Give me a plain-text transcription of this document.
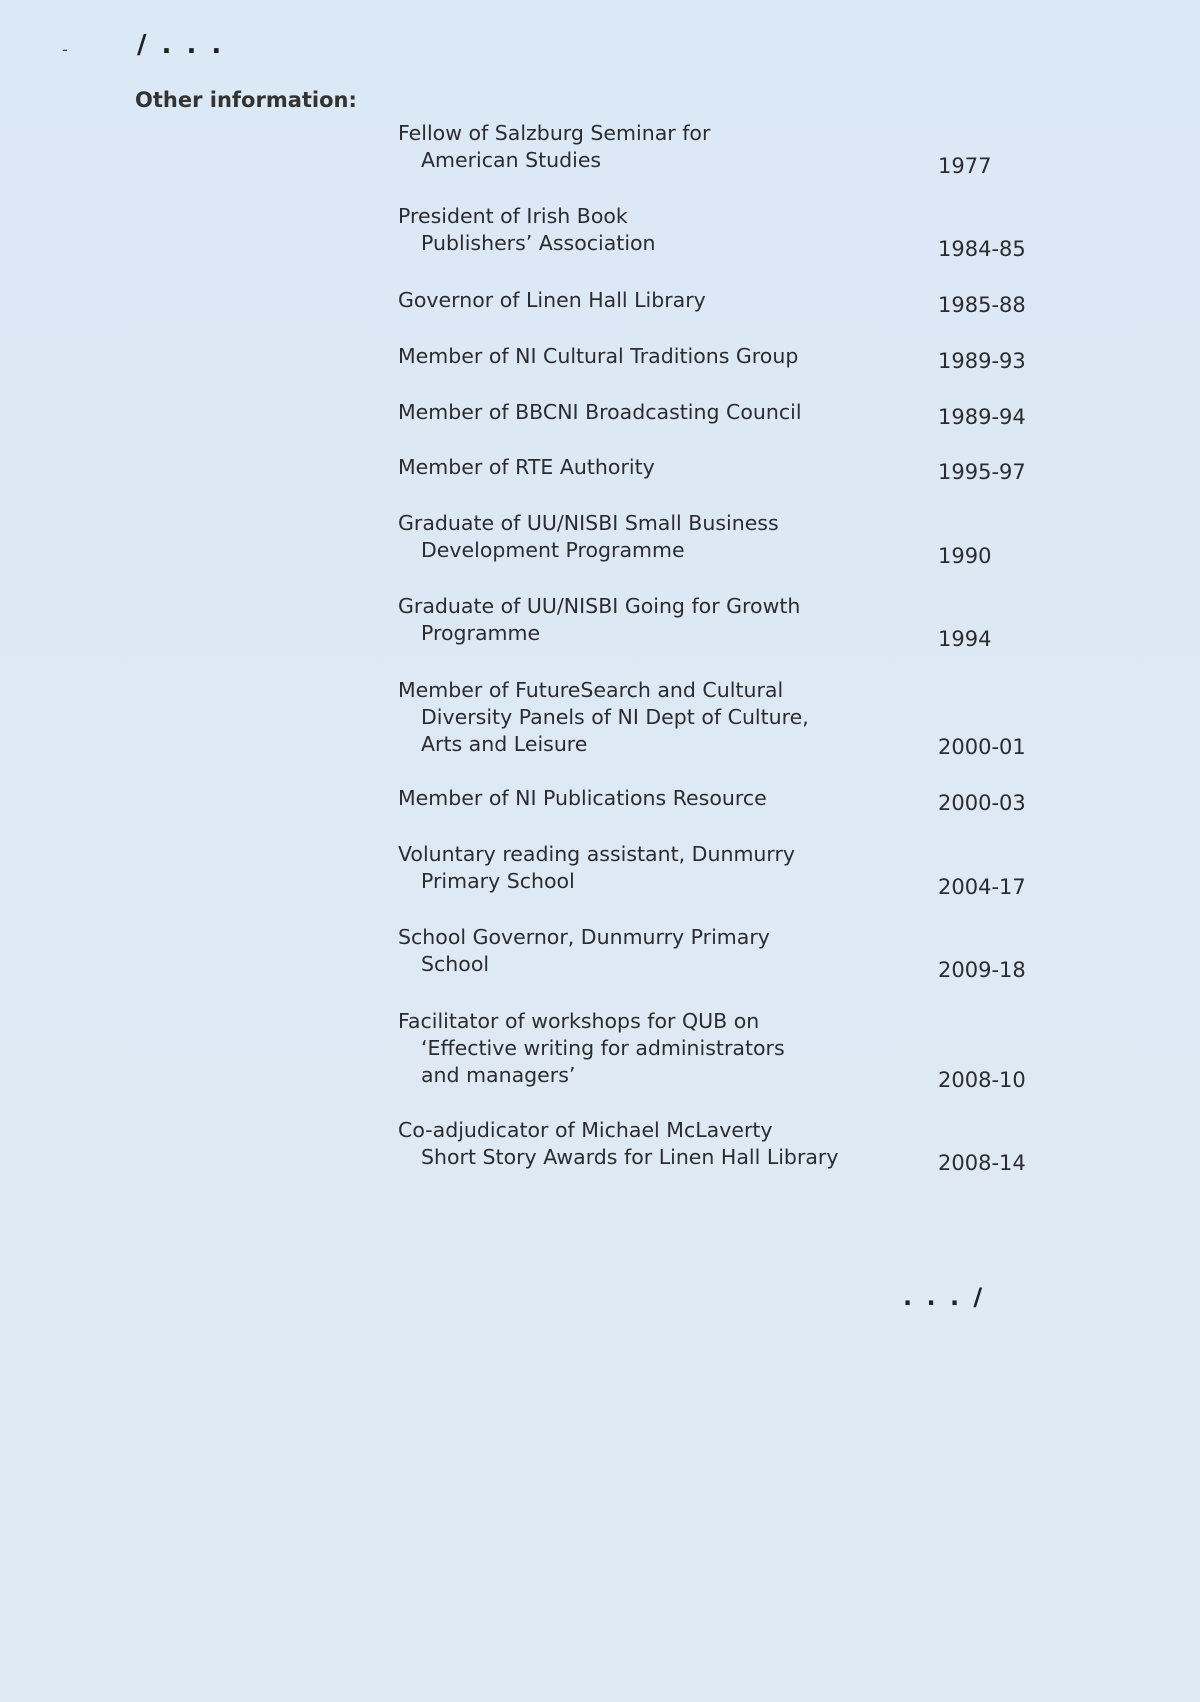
-	/ . . .
Other information:
Fellow of Salzburg Seminar for
American Studies	1977
President of Irish Book
Publishers’ Association	1984-85
Governor of Linen Hall Library	1985-88
Member of NI Cultural Traditions Group	1989-93
Member of BBCNI Broadcasting Council	1989-94
Member of RTE Authority	1995-97
Graduate of UU/NISBI Small Business
Development Programme	1990
Graduate of UU/NISBI Going for Growth
Programme	1994
Member of FutureSearch and Cultural
Diversity Panels of NI Dept of Culture,
Arts and Leisure	2000-01
Member of NI Publications Resource	2000-03
Voluntary reading assistant, Dunmurry
Primary School	2004-17
School Governor, Dunmurry Primary
School	2009-18
Facilitator of workshops for QUB on
‘Effective writing for administrators
and managers’	2008-10
Co-adjudicator of Michael McLaverty
Short Story Awards for Linen Hall Library	2008-14
. . . /
